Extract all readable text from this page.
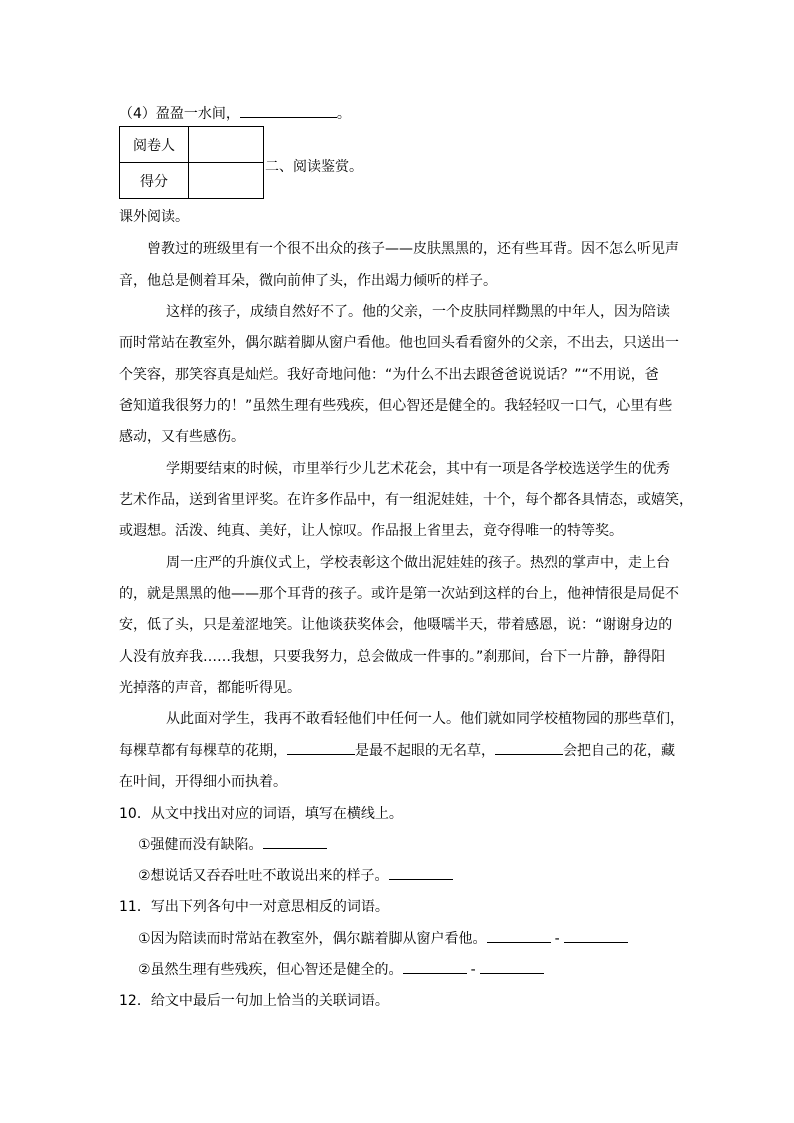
（4）盈盈一水间，	。
阅卷人	
得分	
二、阅读鉴赏。
课外阅读。
曾教过的班级里有一个很不出众的孩子——皮肤黑黑的，还有些耳背。因不怎么听见声
音，他总是侧着耳朵，微向前伸了头，作出竭力倾听的样子。
这样的孩子，成绩自然好不了。他的父亲，一个皮肤同样黝黑的中年人，因为陪读
而时常站在教室外，偶尔踮着脚从窗户看他。他也回头看看窗外的父亲，不出去，只送出一
个笑容，那笑容真是灿烂。我好奇地问他：“为什么不出去跟爸爸说说话？”“不用说，爸
爸知道我很努力的！”虽然生理有些残疾，但心智还是健全的。我轻轻叹一口气，心里有些
感动，又有些感伤。
学期要结束的时候，市里举行少儿艺术花会，其中有一项是各学校选送学生的优秀
艺术作品，送到省里评奖。在许多作品中，有一组泥娃娃，十个，每个都各具情态，或嬉笑，
或遐想。活泼、纯真、美好，让人惊叹。作品报上省里去，竟夺得唯一的特等奖。
周一庄严的升旗仪式上，学校表彰这个做出泥娃娃的孩子。热烈的掌声中，走上台
的，就是黑黑的他——那个耳背的孩子。或许是第一次站到这样的台上，他神情很是局促不
安，低了头，只是羞涩地笑。让他谈获奖体会，他嗫嚅半天，带着感恩，说：“谢谢身边的
人没有放弃我……我想，只要我努力，总会做成一件事的。”刹那间，台下一片静，静得阳
光掉落的声音，都能听得见。
从此面对学生，我再不敢看轻他们中任何一人。他们就如同学校植物园的那些草们，
每棵草都有每棵草的花期，	是最不起眼的无名草，	会把自己的花，藏
在叶间，开得细小而执着。
10．从文中找出对应的词语，填写在横线上。
①强健而没有缺陷。
②想说话又吞吞吐吐不敢说出来的样子。
11．写出下列各句中一对意思相反的词语。
①因为陪读而时常站在教室外，偶尔踮着脚从窗户看他。	-
②虽然生理有些残疾，但心智还是健全的。	-
12．给文中最后一句加上恰当的关联词语。
